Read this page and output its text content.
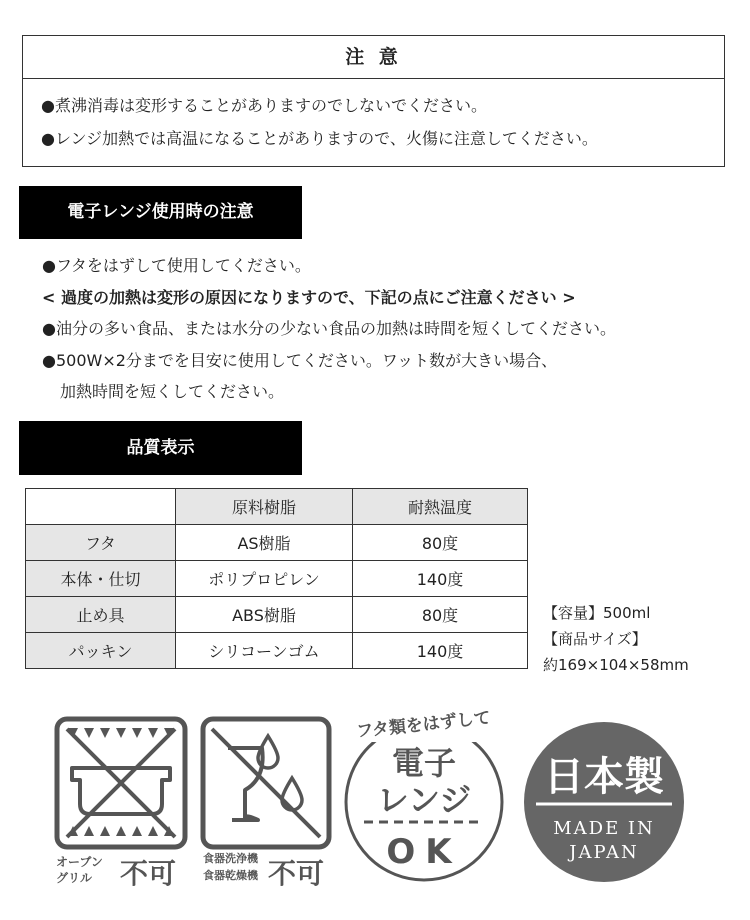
注 意
●煮沸消毒は変形することがありますのでしないでください。
●レンジ加熱では高温になることがありますので、火傷に注意してください。
電子レンジ使用時の注意
●フタをはずして使用してください。
< 過度の加熱は変形の原因になりますので、下記の点にご注意ください >
●油分の多い食品、または水分の少ない食品の加熱は時間を短くしてください。
●500W×2分までを目安に使用してください。ワット数が大きい場合、
加熱時間を短くしてください。
品質表示
	原料樹脂	耐熱温度
フタ	AS樹脂	80度
本体・仕切	ポリプロピレン	140度
止め具	ABS樹脂	80度
パッキン	シリコーンゴム	140度
【容量】500ml
【商品サイズ】
約169×104×58mm
オーブン
グリル 不可 食器洗浄機
食器乾燥機 不可
フタ類をはずして
電子
レンジ
OK
日本製
MADE IN
JAPAN
